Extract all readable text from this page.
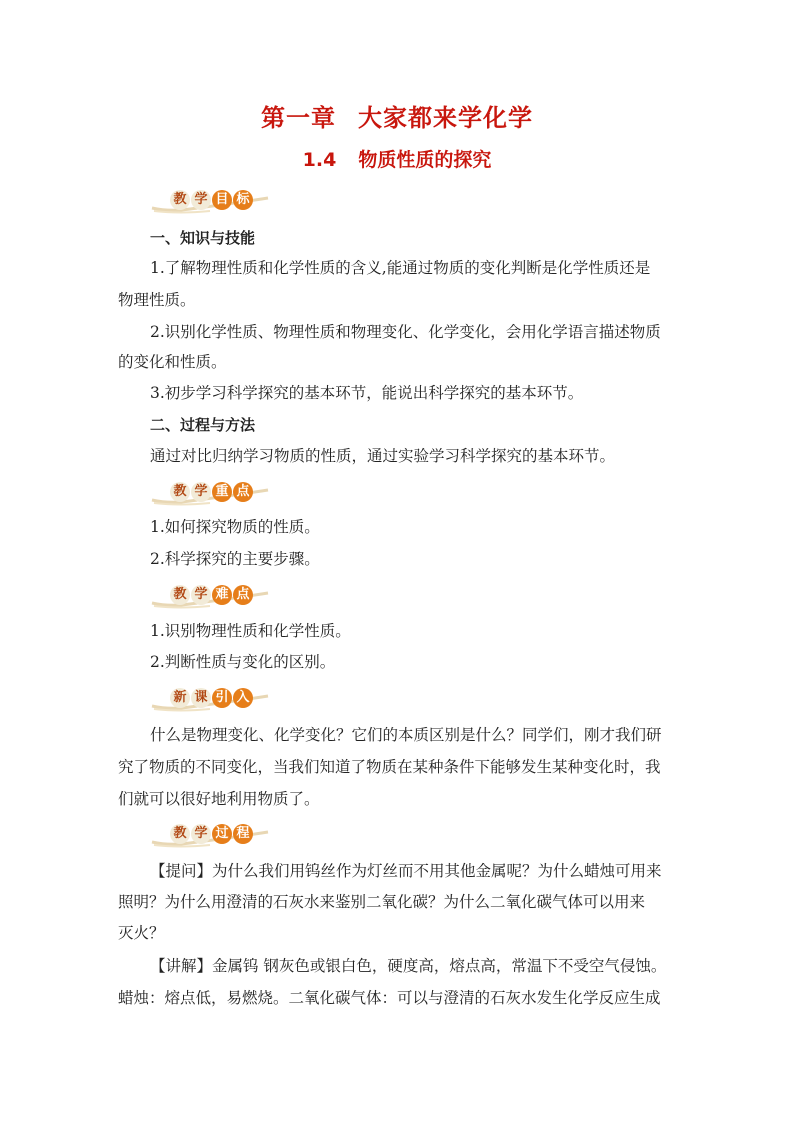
第一章 大家都来学化学
1.4 物质性质的探究
教 学 目 标
一、知识与技能
1.了解物理性质和化学性质的含义,能通过物质的变化判断是化学性质还是
物理性质。
2.识别化学性质、物理性质和物理变化、化学变化，会用化学语言描述物质
的变化和性质。
3.初步学习科学探究的基本环节，能说出科学探究的基本环节。
二、过程与方法
通过对比归纳学习物质的性质，通过实验学习科学探究的基本环节。
教 学 重 点
1.如何探究物质的性质。
2.科学探究的主要步骤。
教 学 难 点
1.识别物理性质和化学性质。
2.判断性质与变化的区别。
新 课 引 入
什么是物理变化、化学变化？它们的本质区别是什么？同学们，刚才我们研
究了物质的不同变化，当我们知道了物质在某种条件下能够发生某种变化时，我
们就可以很好地利用物质了。
教 学 过 程
【提问】为什么我们用钨丝作为灯丝而不用其他金属呢？为什么蜡烛可用来
照明？为什么用澄清的石灰水来鉴别二氧化碳？为什么二氧化碳气体可以用来
灭火？
【讲解】金属钨 钢灰色或银白色，硬度高，熔点高，常温下不受空气侵蚀。
蜡烛：熔点低，易燃烧。二氧化碳气体：可以与澄清的石灰水发生化学反应生成
